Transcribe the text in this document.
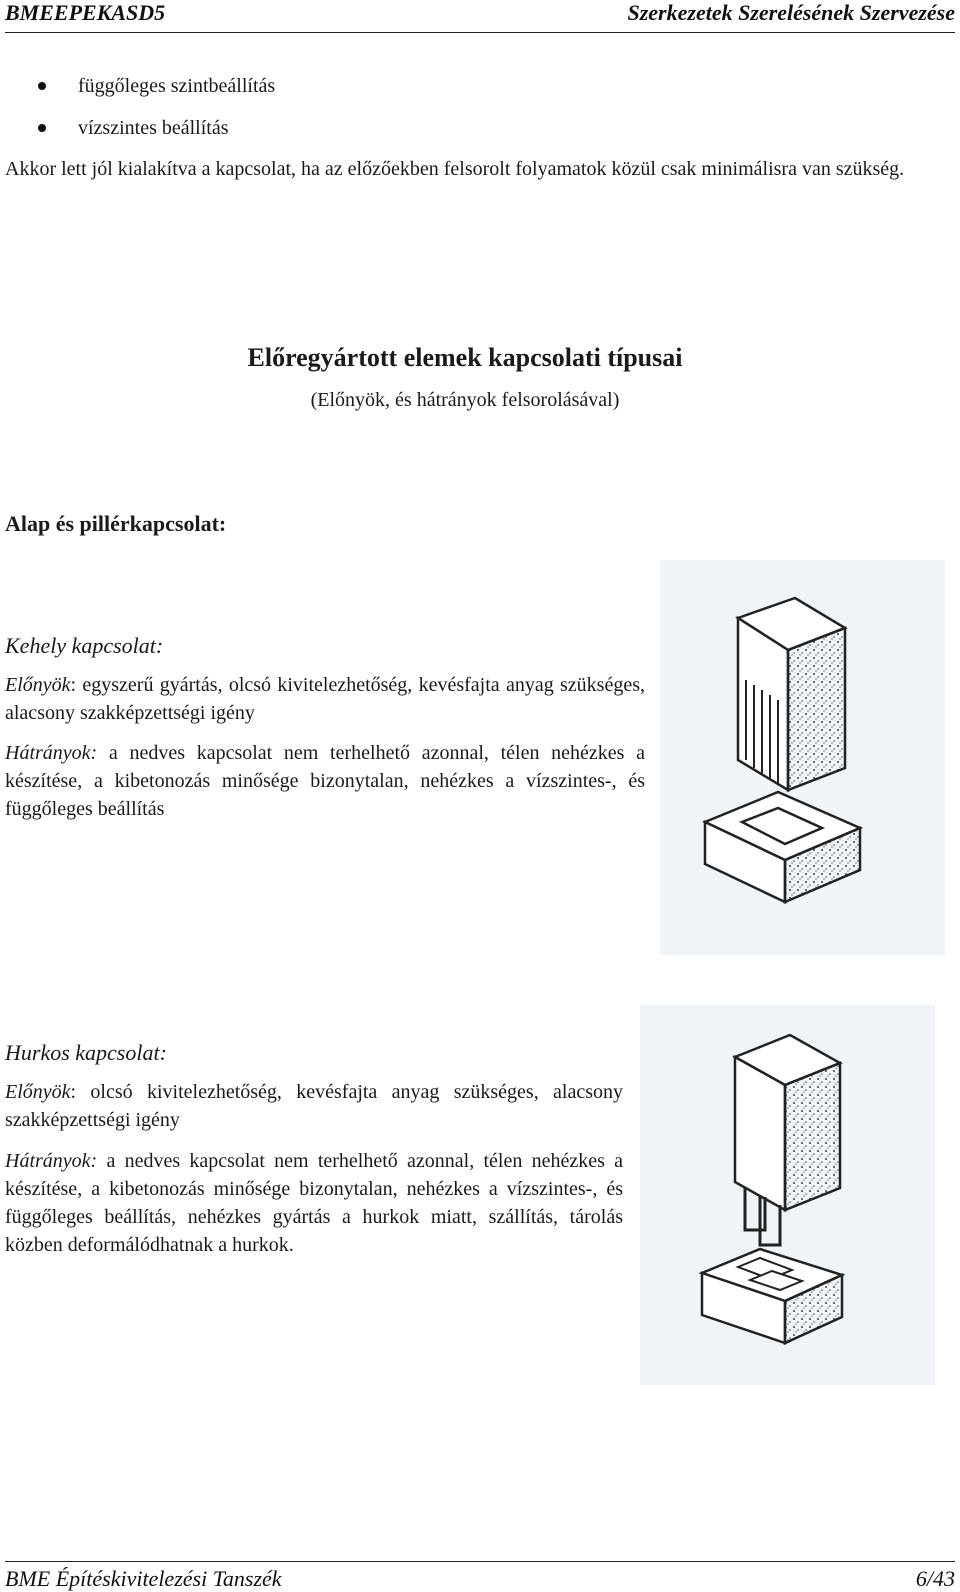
BMEEPEKASD5	Szerkezetek Szerelésének Szervezése
függőleges szintbeállítás
vízszintes beállítás

Akkor lett jól kialakítva a kapcsolat, ha az előzőekben felsorolt folyamatok közül csak minimálisra van szükség.

Előregyártott elemek kapcsolati típusai
(Előnyök, és hátrányok felsorolásával)
Alap és pillérkapcsolat:
Kehely kapcsolat:

Előnyök: egyszerű gyártás, olcsó kivitelezhetőség, kevésfajta anyag szükséges, alacsony szakképzettségi igény

Hátrányok: a nedves kapcsolat nem terhelhető azonnal, télen nehézkes a készítése, a kibetonozás minősége bizonytalan, nehézkes a vízszintes-, és függőleges beállítás

Hurkos kapcsolat:

Előnyök: olcsó kivitelezhetőség, kevésfajta anyag szükséges, alacsony szakképzettségi igény

Hátrányok: a nedves kapcsolat nem terhelhető azonnal, télen nehézkes a készítése, a kibetonozás minősége bizonytalan, nehézkes a vízszintes-, és függőleges beállítás, nehézkes gyártás a hurkok miatt, szállítás, tárolás közben deformálódhatnak a hurkok.

BME Építéskivitelezési Tanszék	6/43
